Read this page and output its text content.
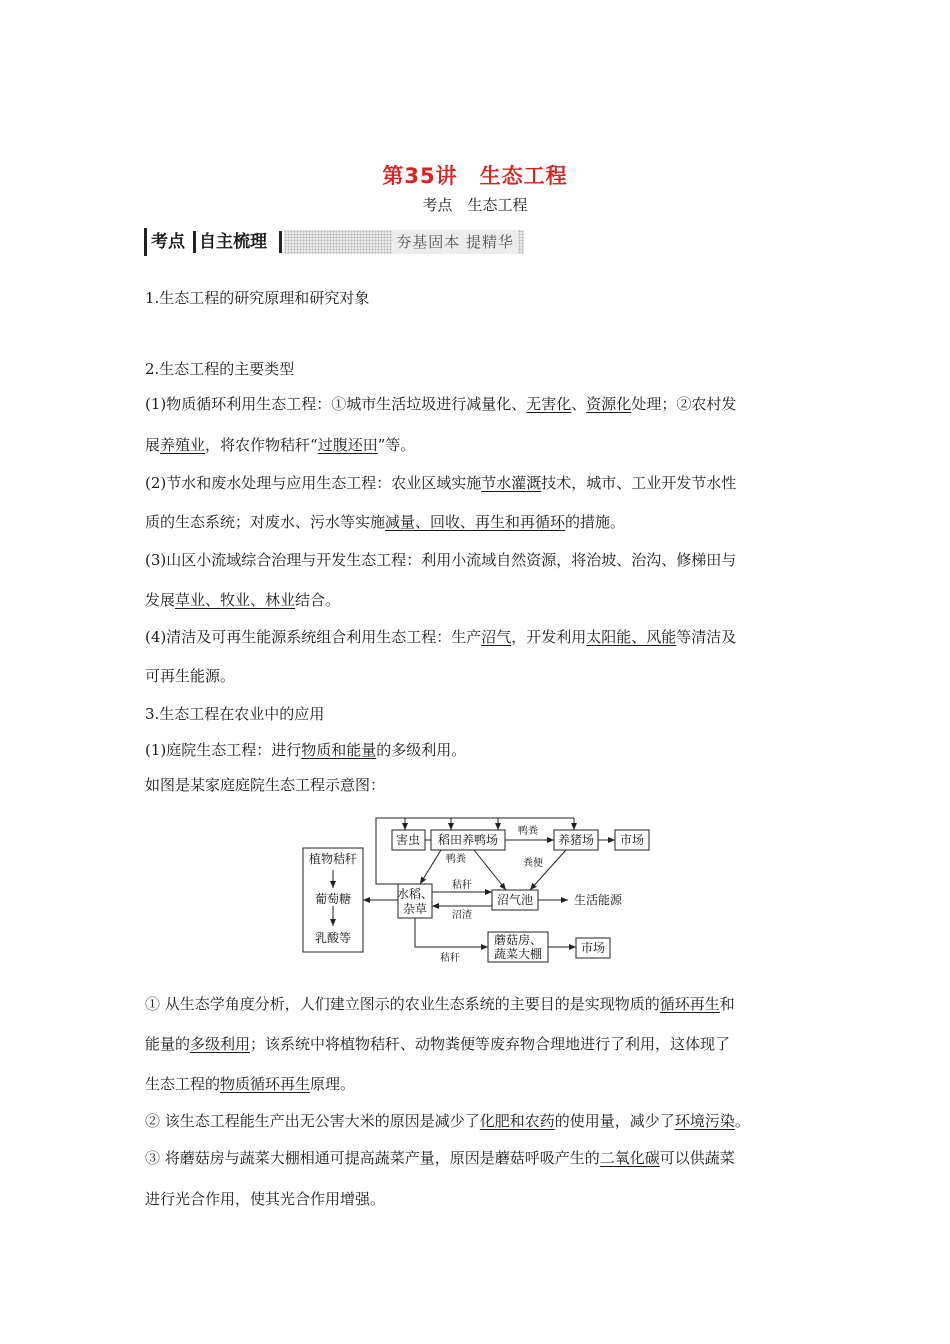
第35讲　生态工程
考点　生态工程
考点 自主梳理	夯基固本 提精华
1.生态工程的研究原理和研究对象
2.生态工程的主要类型
(1)物质循环利用生态工程：①城市生活垃圾进行减量化、无害化、资源化处理；②农村发
展养殖业，将农作物秸秆“过腹还田”等。
(2)节水和废水处理与应用生态工程：农业区域实施节水灌溉技术，城市、工业开发节水性
质的生态系统；对废水、污水等实施减量、回收、再生和再循环的措施。
(3)山区小流域综合治理与开发生态工程：利用小流域自然资源，将治坡、治沟、修梯田与
发展草业、牧业、林业结合。
(4)清洁及可再生能源系统组合利用生态工程：生产沼气，开发利用太阳能、风能等清洁及
可再生能源。
3.生态工程在农业中的应用
(1)庭院生态工程：进行物质和能量的多级利用。
如图是某家庭庭院生态工程示意图：
害虫 稻田养鸭场	养猪场 市场
植物秸秆
葡萄糖
乳酸等
水稻、
杂草
沼气池	生活能源
蘑菇房、
蔬菜大棚	市场
鸭粪
鸭粪	粪便
秸秆
沼渣
秸秆
① 从生态学角度分析，人们建立图示的农业生态系统的主要目的是实现物质的循环再生和
能量的多级利用；该系统中将植物秸秆、动物粪便等废弃物合理地进行了利用，这体现了
生态工程的物质循环再生原理。
② 该生态工程能生产出无公害大米的原因是减少了化肥和农药的使用量，减少了环境污染。
③ 将蘑菇房与蔬菜大棚相通可提高蔬菜产量，原因是蘑菇呼吸产生的二氧化碳可以供蔬菜
进行光合作用，使其光合作用增强。
